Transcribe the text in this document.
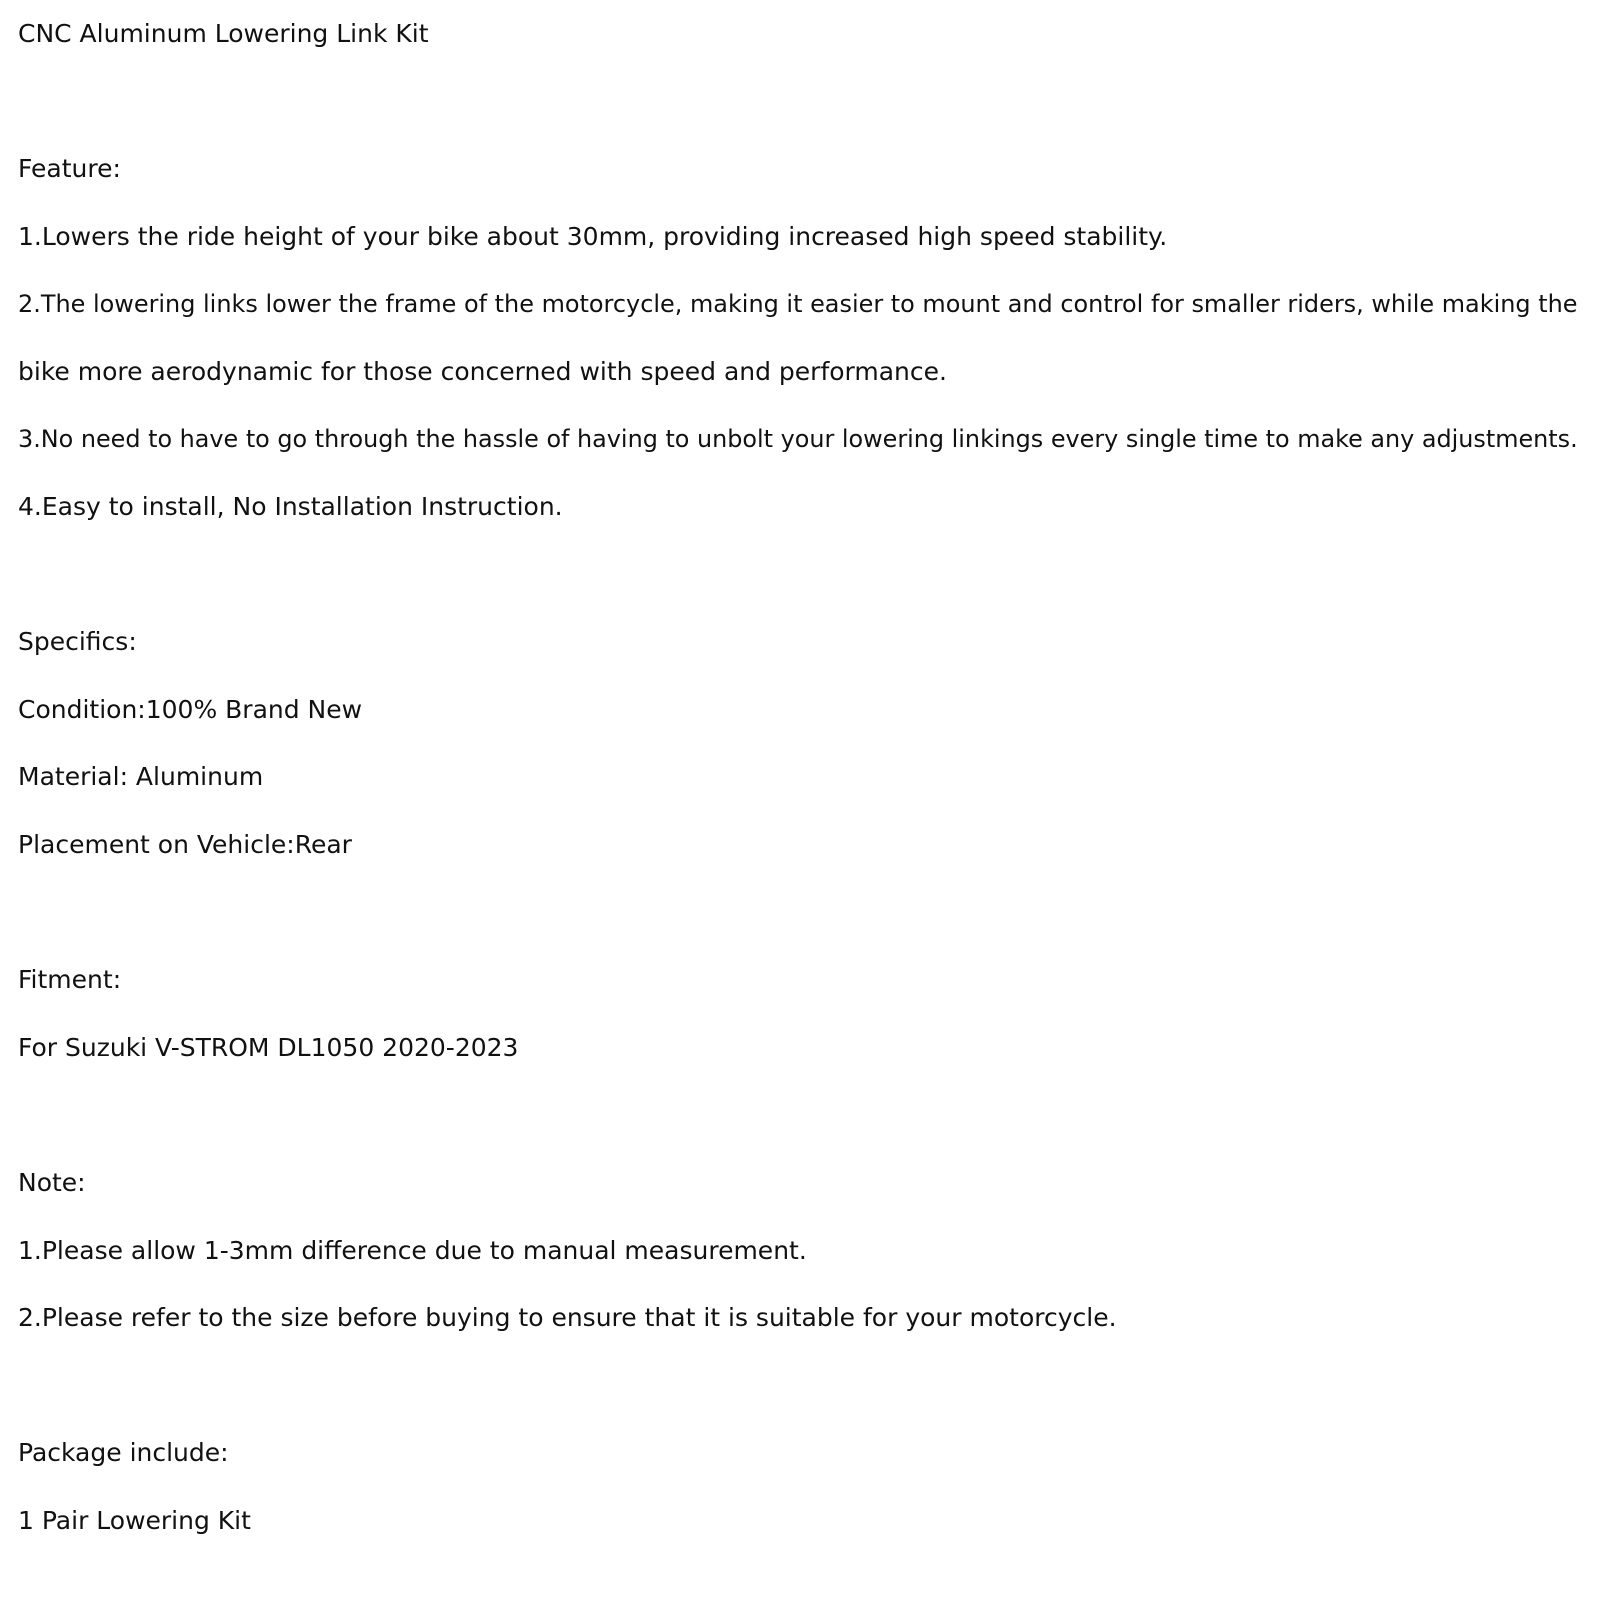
CNC Aluminum Lowering Link Kit
Feature:
1.Lowers the ride height of your bike about 30mm, providing increased high speed stability.
2.The lowering links lower the frame of the motorcycle, making it easier to mount and control for smaller riders, while making the
bike more aerodynamic for those concerned with speed and performance.
3.No need to have to go through the hassle of having to unbolt your lowering linkings every single time to make any adjustments.
4.Easy to install, No Installation Instruction.
Specifics:
Condition:100% Brand New
Material: Aluminum
Placement on Vehicle:Rear
Fitment:
For Suzuki V-STROM DL1050 2020-2023
Note:
1.Please allow 1-3mm difference due to manual measurement.
2.Please refer to the size before buying to ensure that it is suitable for your motorcycle.
Package include:
1 Pair Lowering Kit
